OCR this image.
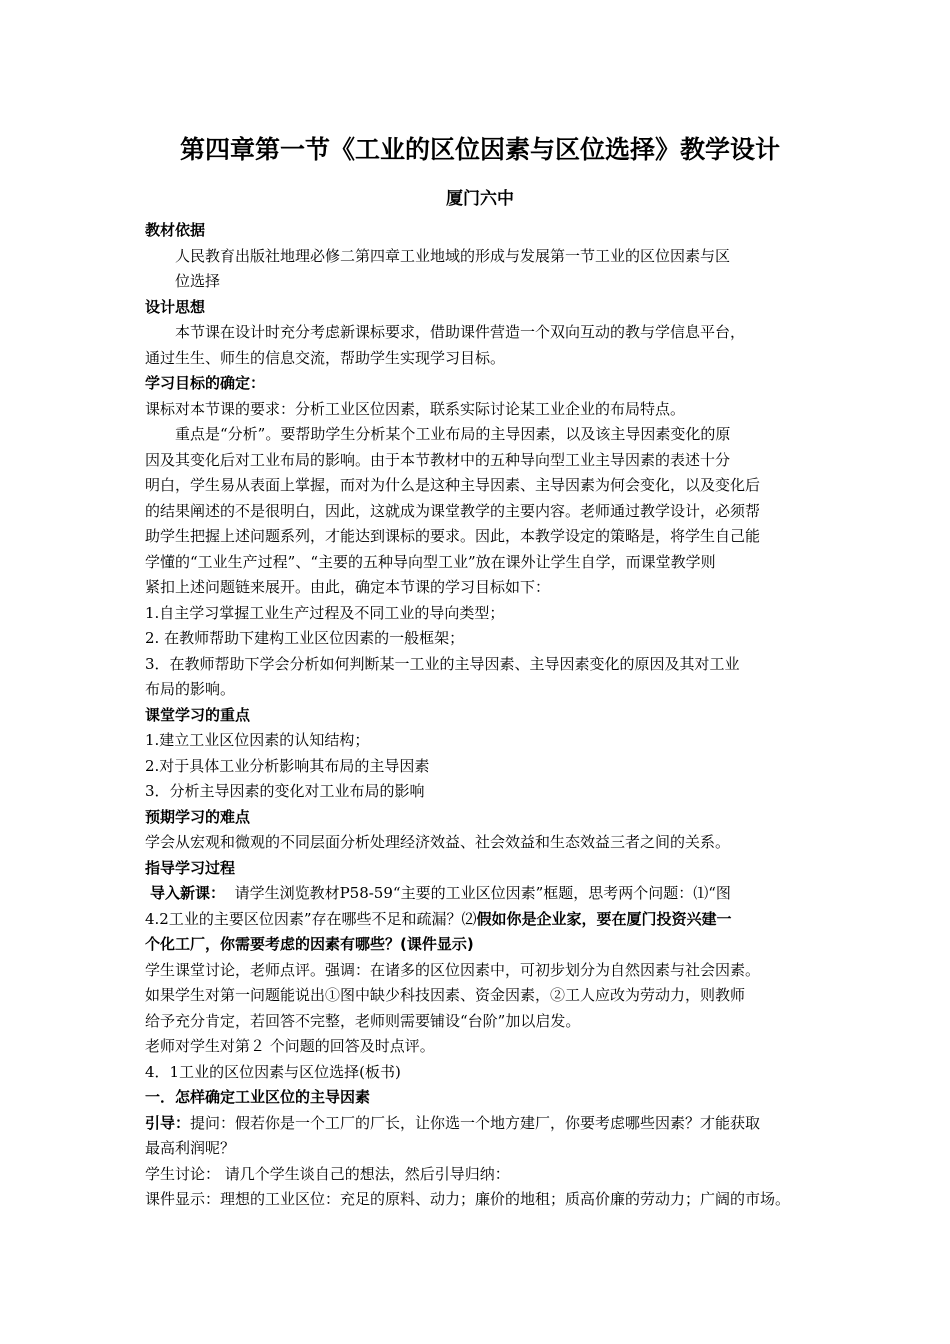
第四章第一节《工业的区位因素与区位选择》教学设计
厦门六中
教材依据
人民教育出版社地理必修二第四章工业地域的形成与发展第一节工业的区位因素与区
位选择
设计思想
本节课在设计时充分考虑新课标要求，借助课件营造一个双向互动的教与学信息平台，
通过生生、师生的信息交流，帮助学生实现学习目标。
学习目标的确定：
课标对本节课的要求：分析工业区位因素，联系实际讨论某工业企业的布局特点。
重点是“分析”。要帮助学生分析某个工业布局的主导因素，以及该主导因素变化的原
因及其变化后对工业布局的影响。由于本节教材中的五种导向型工业主导因素的表述十分
明白，学生易从表面上掌握，而对为什么是这种主导因素、主导因素为何会变化，以及变化后
的结果阐述的不是很明白，因此，这就成为课堂教学的主要内容。老师通过教学设计，必须帮
助学生把握上述问题系列，才能达到课标的要求。因此，本教学设定的策略是，将学生自己能
学懂的“工业生产过程”、“主要的五种导向型工业”放在课外让学生自学，而课堂教学则
紧扣上述问题链来展开。由此，确定本节课的学习目标如下：
1.自主学习掌握工业生产过程及不同工业的导向类型；
2. 在教师帮助下建构工业区位因素的一般框架；
3．在教师帮助下学会分析如何判断某一工业的主导因素、主导因素变化的原因及其对工业
布局的影响。
课堂学习的重点
1.建立工业区位因素的认知结构；
2.对于具体工业分析影响其布局的主导因素
3．分析主导因素的变化对工业布局的影响
预期学习的难点
学会从宏观和微观的不同层面分析处理经济效益、社会效益和生态效益三者之间的关系。
指导学习过程
导入新课： 请学生浏览教材P58-59“主要的工业区位因素”框题，思考两个问题：⑴“图
4.2工业的主要区位因素”存在哪些不足和疏漏？⑵假如你是企业家，要在厦门投资兴建一
个化工厂，你需要考虑的因素有哪些？(课件显示)
学生课堂讨论，老师点评。强调：在诸多的区位因素中，可初步划分为自然因素与社会因素。
如果学生对第一问题能说出①图中缺少科技因素、资金因素，②工人应改为劳动力，则教师
给予充分肯定，若回答不完整，老师则需要铺设“台阶”加以启发。
老师对学生对第２ 个问题的回答及时点评。
4．1工业的区位因素与区位选择(板书)
一．怎样确定工业区位的主导因素
引导：提问：假若你是一个工厂的厂长，让你选一个地方建厂，你要考虑哪些因素？才能获取
最高利润呢？
学生讨论： 请几个学生谈自己的想法，然后引导归纳：
课件显示：理想的工业区位：充足的原料、动力；廉价的地租；质高价廉的劳动力；广阔的市场。
